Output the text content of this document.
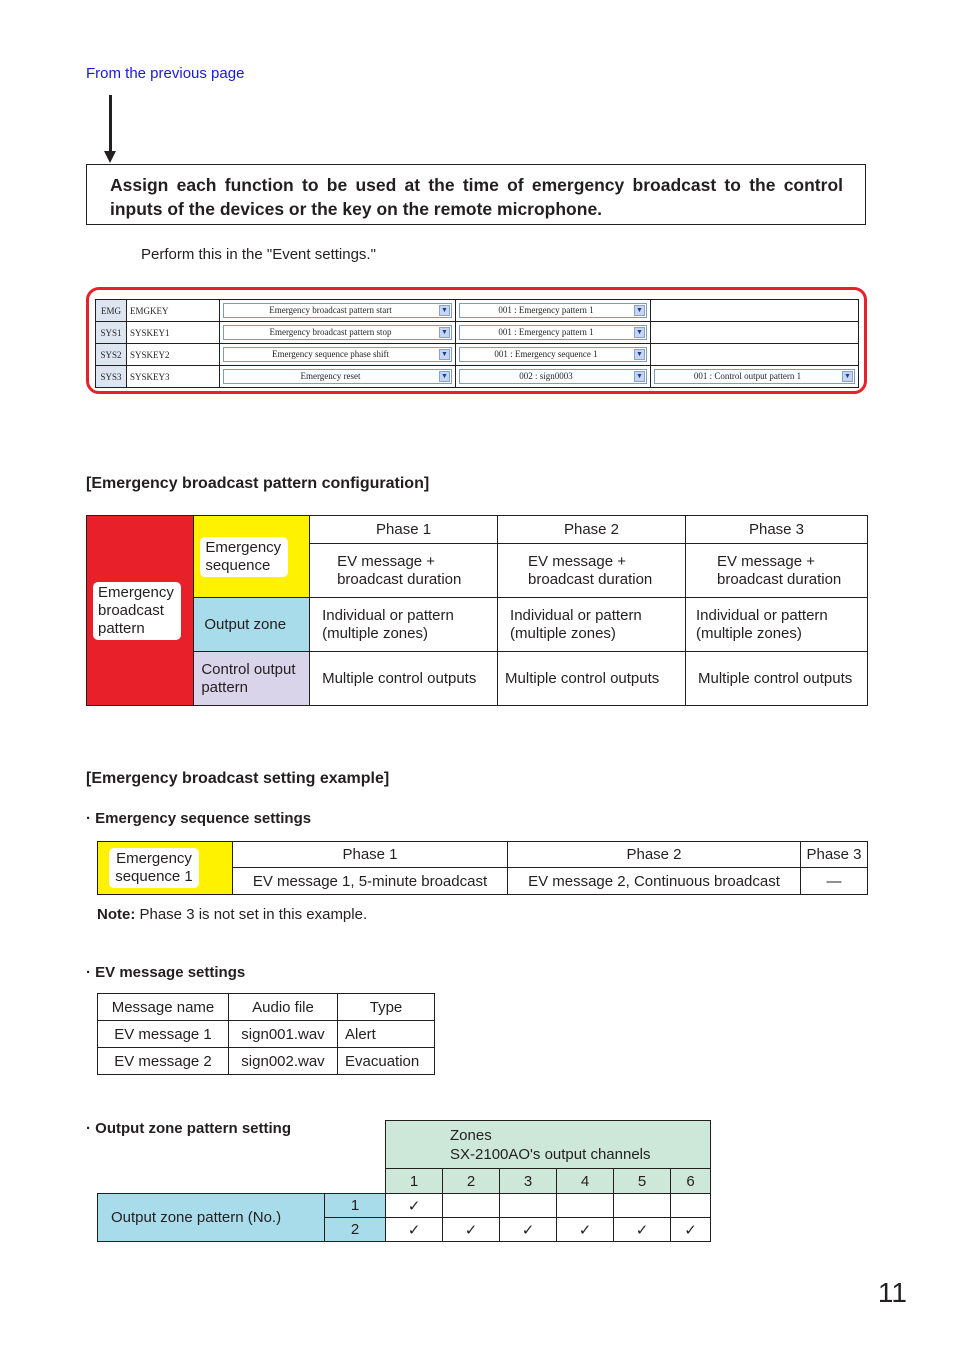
From the previous page
Assign each function to be used at the time of emergency broadcast to the control inputs of the devices or the key on the remote microphone.
Perform this in the "Event settings."
EMG	EMGKEY	Emergency broadcast pattern start ▼	001 : Emergency pattern 1 ▼	

SYS1	SYSKEY1	Emergency broadcast pattern stop ▼	001 : Emergency pattern 1 ▼	

SYS2	SYSKEY2	Emergency sequence phase shift ▼	001 : Emergency sequence 1 ▼	

SYS3	SYSKEY3	Emergency reset ▼	002 : sign0003 ▼	001 : Control output pattern 1 ▼
[Emergency broadcast pattern configuration]
Emergency broadcast pattern	Emergency sequence	Phase 1	Phase 2	Phase 3

		EV message + broadcast duration	EV message + broadcast duration	EV message + broadcast duration

	Output zone	Individual or pattern (multiple zones)	Individual or pattern (multiple zones)	Individual or pattern (multiple zones)

	Control output pattern	Multiple control outputs	Multiple control outputs	Multiple control outputs
[Emergency broadcast setting example]
· Emergency sequence settings
Emergency sequence 1	Phase 1	Phase 2	Phase 3
	EV message 1, 5-minute broadcast	EV message 2, Continuous broadcast	—
Note: Phase 3 is not set in this example.
· EV message settings
Message name	Audio file	Type
EV message 1	sign001.wav	Alert
EV message 2	sign002.wav	Evacuation
· Output zone pattern setting

		Zones
SX-2100AO's output channels					

		1	2	3	4	5	6
Output zone pattern (No.)	1	✓					
	2	✓	✓	✓	✓	✓	✓
11
